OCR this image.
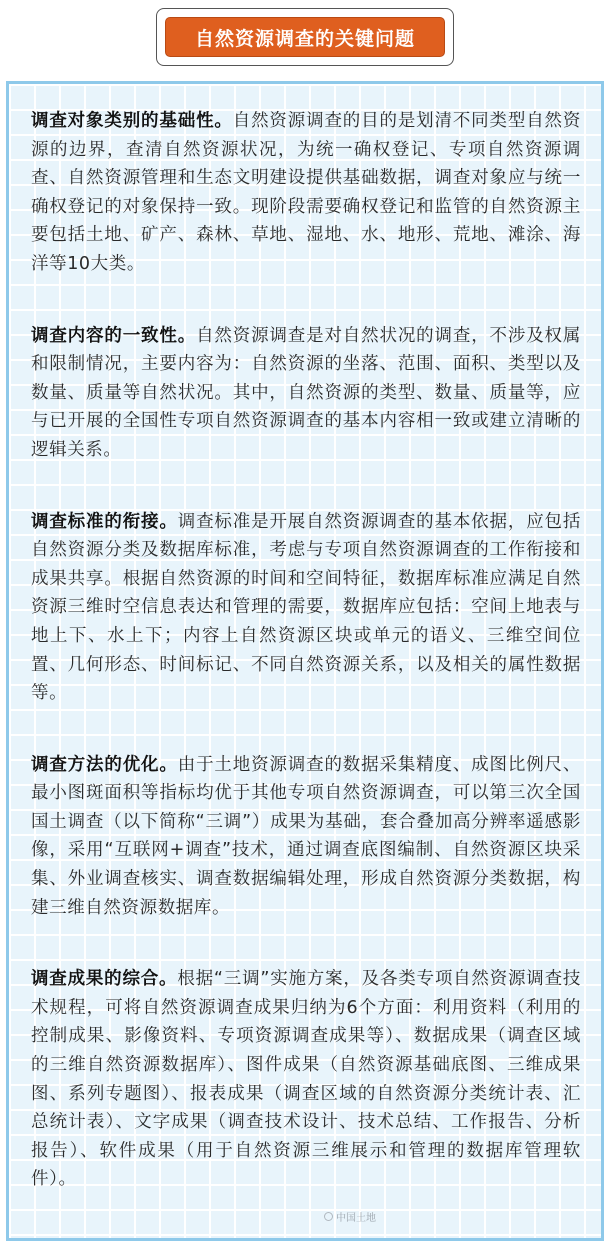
自然资源调查的关键问题

调查对象类别的基础性。自然资源调查的目的是划清不同类型自然资源的边界，查清自然资源状况，为统一确权登记、专项自然资源调查、自然资源管理和生态文明建设提供基础数据，调查对象应与统一确权登记的对象保持一致。现阶段需要确权登记和监管的自然资源主要包括土地、矿产、森林、草地、湿地、水、地形、荒地、滩涂、海洋等10大类。

调查内容的一致性。自然资源调查是对自然状况的调查，不涉及权属和限制情况，主要内容为：自然资源的坐落、范围、面积、类型以及数量、质量等自然状况。其中，自然资源的类型、数量、质量等，应与已开展的全国性专项自然资源调查的基本内容相一致或建立清晰的逻辑关系。

调查标准的衔接。调查标准是开展自然资源调查的基本依据，应包括自然资源分类及数据库标准，考虑与专项自然资源调查的工作衔接和成果共享。根据自然资源的时间和空间特征，数据库标准应满足自然资源三维时空信息表达和管理的需要，数据库应包括：空间上地表与地上下、水上下；内容上自然资源区块或单元的语义、三维空间位置、几何形态、时间标记、不同自然资源关系，以及相关的属性数据等。

调查方法的优化。由于土地资源调查的数据采集精度、成图比例尺、最小图斑面积等指标均优于其他专项自然资源调查，可以第三次全国国土调查（以下简称“三调”）成果为基础，套合叠加高分辨率遥感影像，采用“互联网+调查”技术，通过调查底图编制、自然资源区块采集、外业调查核实、调查数据编辑处理，形成自然资源分类数据，构建三维自然资源数据库。

调查成果的综合。根据“三调”实施方案，及各类专项自然资源调查技术规程，可将自然资源调查成果归纳为6个方面：利用资料（利用的控制成果、影像资料、专项资源调查成果等）、数据成果（调查区域的三维自然资源数据库）、图件成果（自然资源基础底图、三维成果图、系列专题图）、报表成果（调查区域的自然资源分类统计表、汇总统计表）、文字成果（调查技术设计、技术总结、工作报告、分析报告）、软件成果（用于自然资源三维展示和管理的数据库管理软件）。

中国土地
